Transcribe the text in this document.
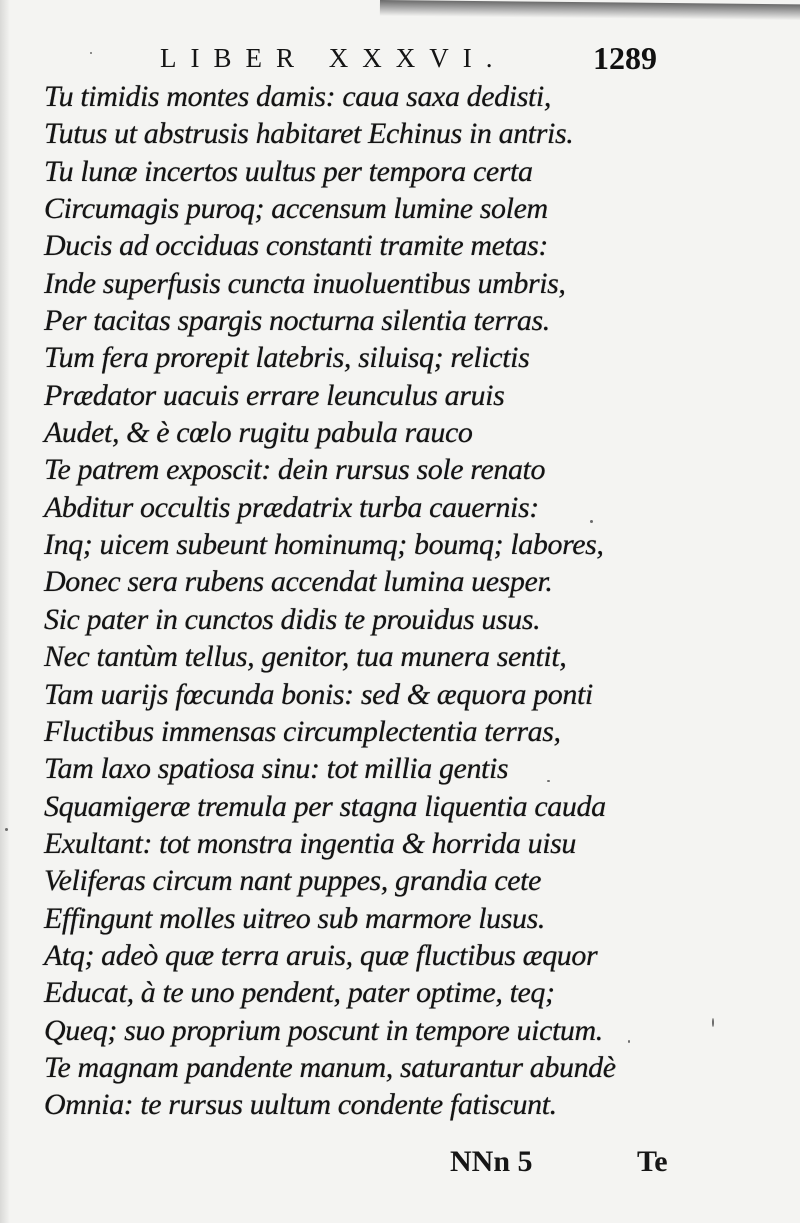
LIBER XXXVI.	1289
Tu timidis montes damis: caua saxa dedisti,
Tutus ut abstrusis habitaret Echinus in antris.
Tu lunæ incertos uultus per tempora certa
Circumagis puroq; accensum lumine solem
Ducis ad occiduas constanti tramite metas:
Inde superfusis cuncta inuoluentibus umbris,
Per tacitas spargis nocturna silentia terras.
Tum fera prorepit latebris, siluisq; relictis
Prædator uacuis errare leunculus aruis
Audet, & è cœlo rugitu pabula rauco
Te patrem exposcit: dein rursus sole renato
Abditur occultis prædatrix turba cauernis:
Inq; uicem subeunt hominumq; boumq; labores,
Donec sera rubens accendat lumina uesper.
Sic pater in cunctos didis te prouidus usus.
Nec tantùm tellus, genitor, tua munera sentit,
Tam uarijs fœcunda bonis: sed & æquora ponti
Fluctibus immensas circumplectentia terras,
Tam laxo spatiosa sinu: tot millia gentis
Squamigeræ tremula per stagna liquentia cauda
Exultant: tot monstra ingentia & horrida uisu
Veliferas circum nant puppes, grandia cete
Effingunt molles uitreo sub marmore lusus.
Atq; adeò quæ terra aruis, quæ fluctibus æquor
Educat, à te uno pendent, pater optime, teq;
Queq; suo proprium poscunt in tempore uictum.
Te magnam pandente manum, saturantur abundè
Omnia: te rursus uultum condente fatiscunt.
NNn 5	Te
